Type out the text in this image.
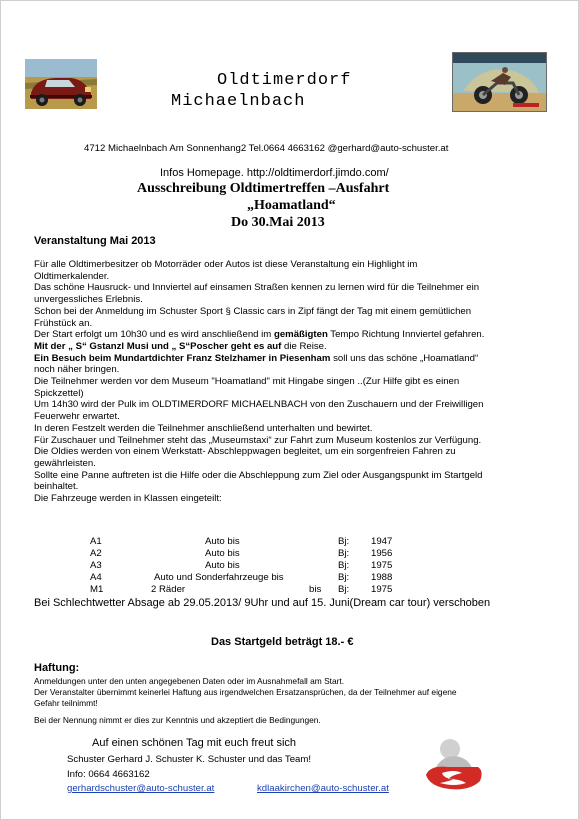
Oldtimerdorf
Michaelnbach
4712 Michaelnbach Am Sonnenhang2 Tel.0664 4663162 @gerhard@auto-schuster.at
Infos Homepage. http://oldtimerdorf.jimdo.com/
Ausschreibung Oldtimertreffen –Ausfahrt
„Hoamatland“
Do 30.Mai 2013
Veranstaltung Mai 2013
Für alle Oldtimerbesitzer ob Motorräder oder Autos ist diese Veranstaltung ein Highlight im
Oldtimerkalender.
Das schöne Hausruck- und Innviertel auf einsamen Straßen kennen zu lernen wird für die Teilnehmer ein
unvergessliches Erlebnis.
Schon bei der Anmeldung im Schuster Sport § Classic cars in Zipf fängt der Tag mit einem gemütlichen
Frühstück an.
Der Start erfolgt um 10h30 und es wird anschließend im gemäßigten Tempo Richtung Innviertel gefahren.
Mit der „ S“ Gstanzl Musi und „ S“Poscher geht es auf die Reise.
Ein Besuch beim Mundartdichter Franz Stelzhamer in Piesenham soll uns das schöne „Hoamatland“
noch näher bringen.
Die Teilnehmer werden vor dem Museum "Hoamatland" mit Hingabe singen ..(Zur Hilfe gibt es einen
Spickzettel)
Um 14h30 wird der Pulk im OLDTIMERDORF MICHAELNBACH von den Zuschauern und der Freiwilligen
Feuerwehr erwartet.
In deren Festzelt werden die Teilnehmer anschließend unterhalten und bewirtet.
Für Zuschauer und Teilnehmer steht das „Museumstaxi“ zur Fahrt zum Museum kostenlos zur Verfügung.
Die Oldies werden von einem Werkstatt- Abschleppwagen begleitet, um ein sorgenfreien Fahren zu
gewährleisten.
Sollte eine Panne auftreten ist die Hilfe oder die Abschleppung zum Ziel oder Ausgangspunkt im Startgeld
beinhaltet.
Die Fahrzeuge werden in Klassen eingeteilt:
A1	Auto bis	Bj: 1947
A2	Auto bis	Bj: 1956
A3	Auto bis	Bj: 1975
A4	Auto und Sonderfahrzeuge bis	Bj: 1988
M1	2 Räder	bis Bj: 1975
Bei Schlechtwetter Absage ab 29.05.2013/ 9Uhr und auf 15. Juni(Dream car tour) verschoben
Das Startgeld beträgt 18.- €
Haftung:
Anmeldungen unter den unten angegebenen Daten oder im Ausnahmefall am Start.
Der Veranstalter übernimmt keinerlei Haftung aus irgendwelchen Ersatzansprüchen, da der Teilnehmer auf eigene
Gefahr teilnimmt!
Bei der Nennung nimmt er dies zur Kenntnis und akzeptiert die Bedingungen.
Auf einen schönen Tag mit euch freut sich
Schuster Gerhard J. Schuster K. Schuster und das Team!
Info: 0664 4663162
gerhardschuster@auto-schuster.at	kdlaakirchen@auto-schuster.at
